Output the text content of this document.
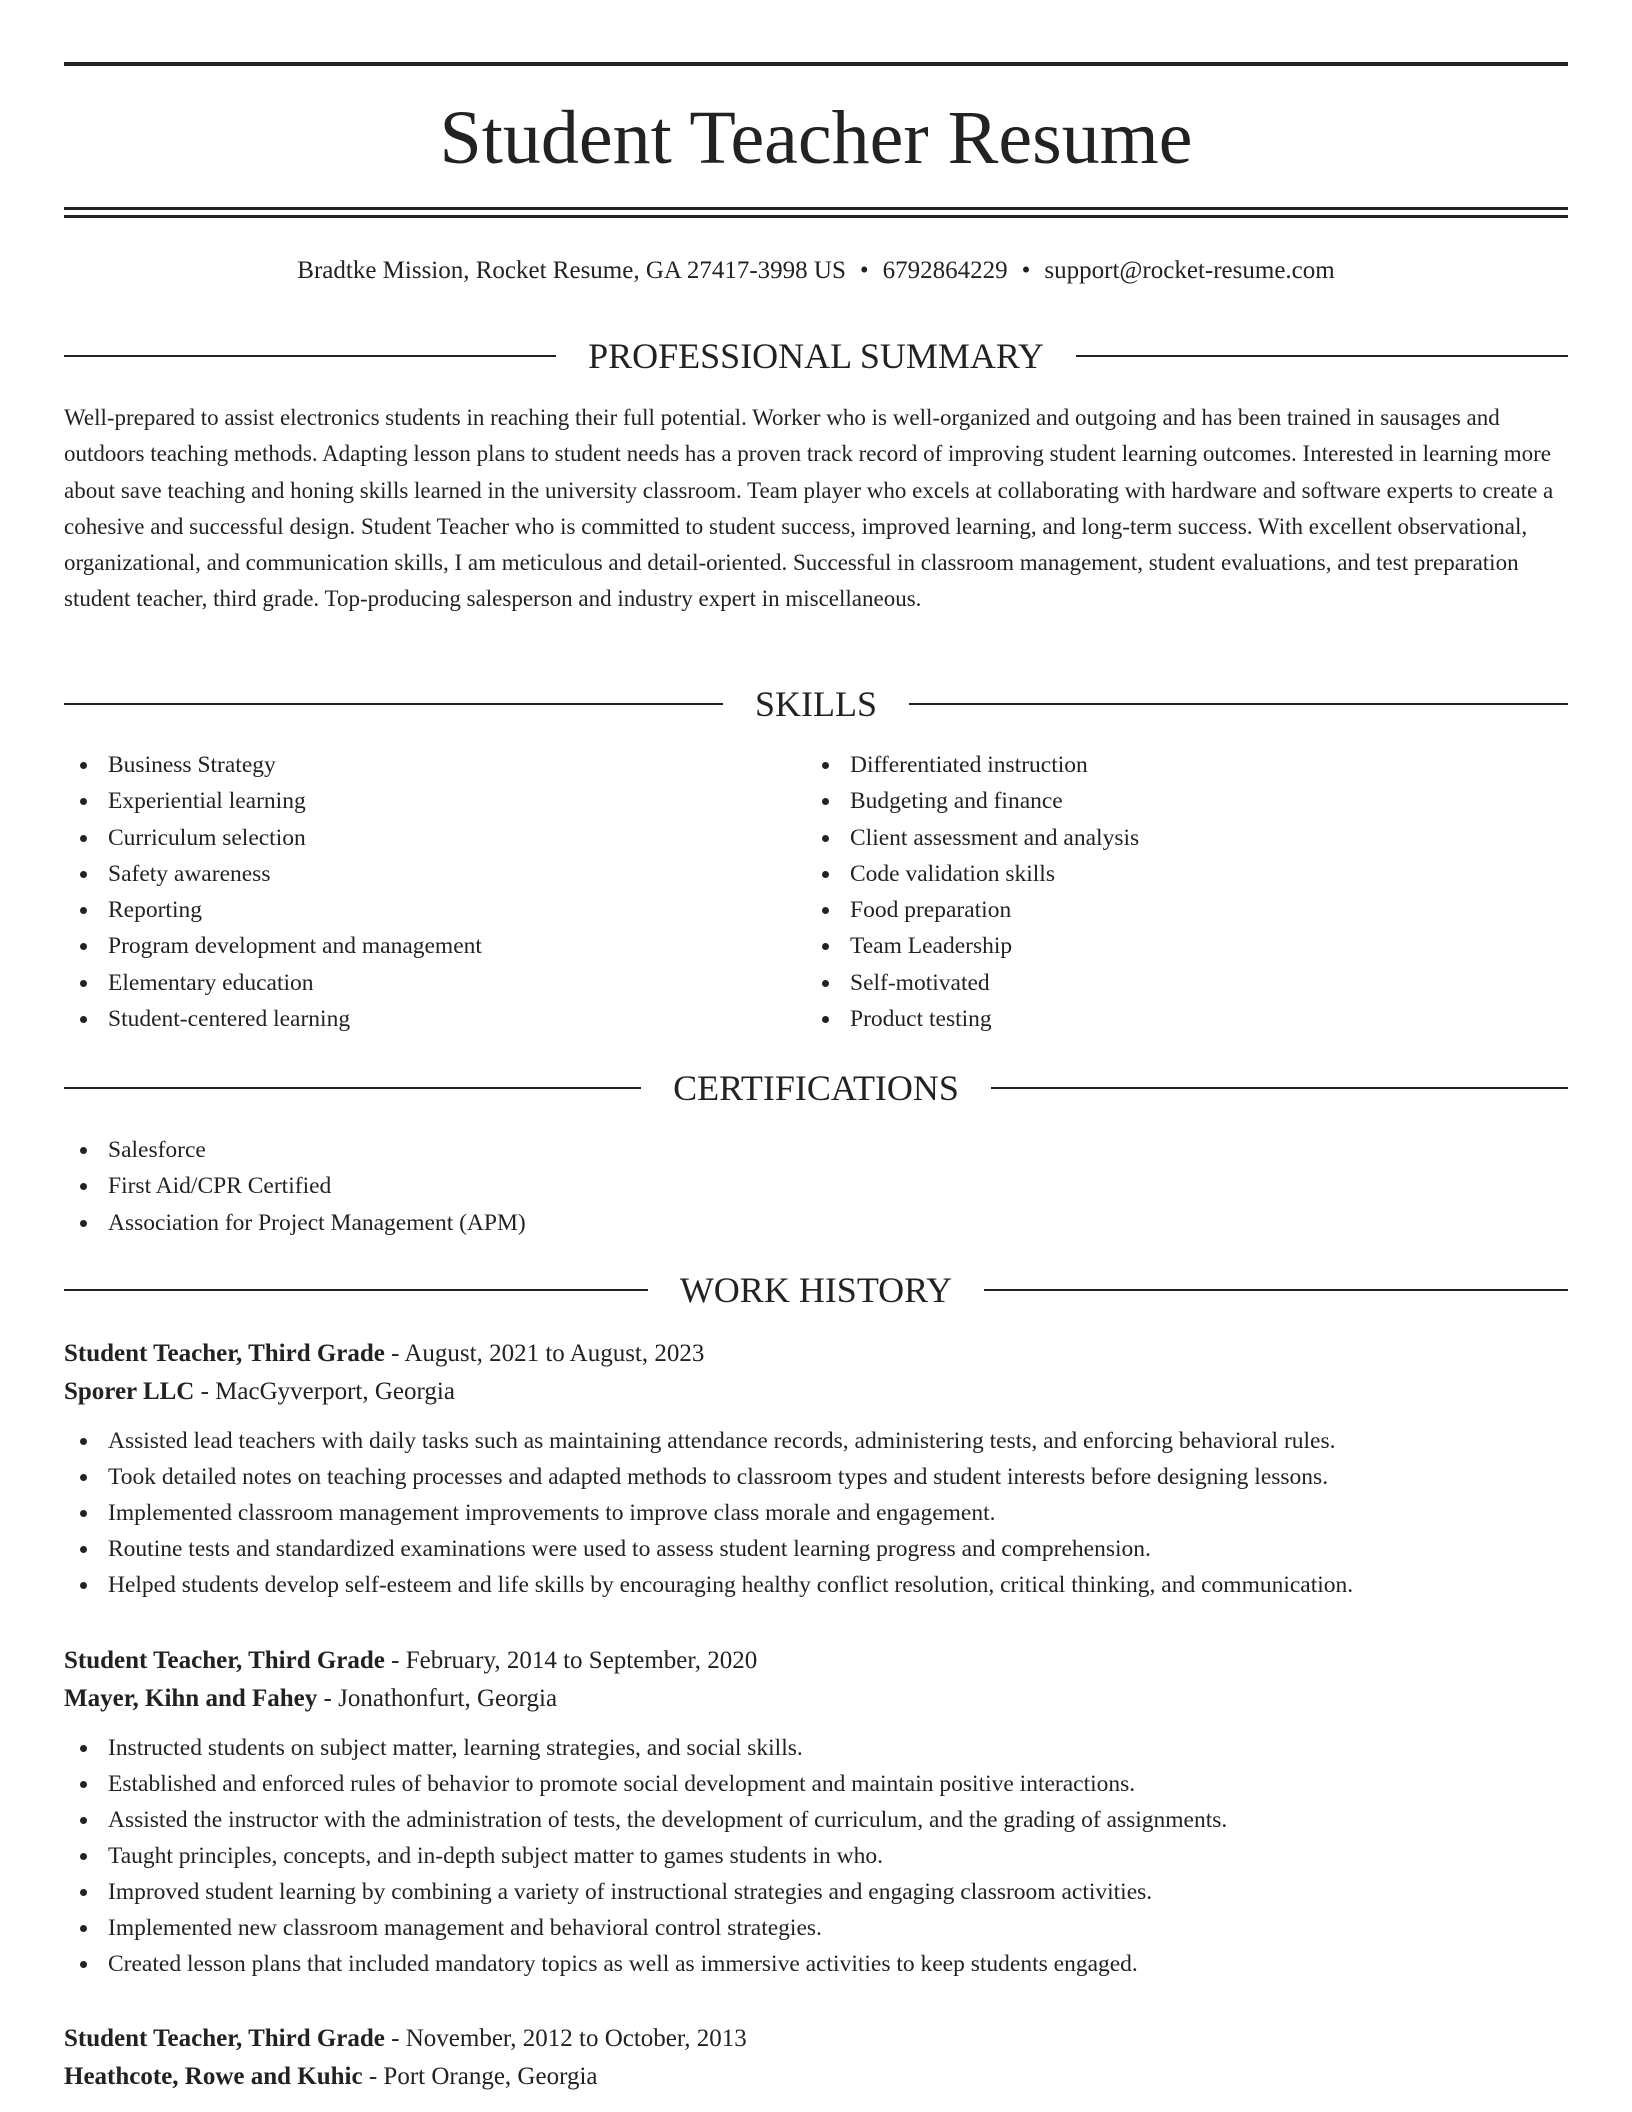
Student Teacher Resume
Bradtke Mission, Rocket Resume, GA 27417-3998 US • 6792864229 • support@rocket-resume.com
PROFESSIONAL SUMMARY

Well-prepared to assist electronics students in reaching their full potential. Worker who is well-organized and outgoing and has been trained in sausages and outdoors teaching methods. Adapting lesson plans to student needs has a proven track record of improving student learning outcomes. Interested in learning more about save teaching and honing skills learned in the university classroom. Team player who excels at collaborating with hardware and software experts to create a cohesive and successful design. Student Teacher who is committed to student success, improved learning, and long-term success. With excellent observational, organizational, and communication skills, I am meticulous and detail-oriented. Successful in classroom management, student evaluations, and test preparation student teacher, third grade. Top-producing salesperson and industry expert in miscellaneous.

SKILLS
Business Strategy
Experiential learning
Curriculum selection
Safety awareness
Reporting
Program development and management
Elementary education
Student-centered learning
Differentiated instruction
Budgeting and finance
Client assessment and analysis
Code validation skills
Food preparation
Team Leadership
Self-motivated
Product testing
CERTIFICATIONS
Salesforce
First Aid/CPR Certified
Association for Project Management (APM)
WORK HISTORY
Student Teacher, Third Grade - August, 2021 to August, 2023
Sporer LLC - MacGyverport, Georgia
Assisted lead teachers with daily tasks such as maintaining attendance records, administering tests, and enforcing behavioral rules.
Took detailed notes on teaching processes and adapted methods to classroom types and student interests before designing lessons.
Implemented classroom management improvements to improve class morale and engagement.
Routine tests and standardized examinations were used to assess student learning progress and comprehension.
Helped students develop self-esteem and life skills by encouraging healthy conflict resolution, critical thinking, and communication.
Student Teacher, Third Grade - February, 2014 to September, 2020
Mayer, Kihn and Fahey - Jonathonfurt, Georgia
Instructed students on subject matter, learning strategies, and social skills.
Established and enforced rules of behavior to promote social development and maintain positive interactions.
Assisted the instructor with the administration of tests, the development of curriculum, and the grading of assignments.
Taught principles, concepts, and in-depth subject matter to games students in who.
Improved student learning by combining a variety of instructional strategies and engaging classroom activities.
Implemented new classroom management and behavioral control strategies.
Created lesson plans that included mandatory topics as well as immersive activities to keep students engaged.
Student Teacher, Third Grade - November, 2012 to October, 2013
Heathcote, Rowe and Kuhic - Port Orange, Georgia
